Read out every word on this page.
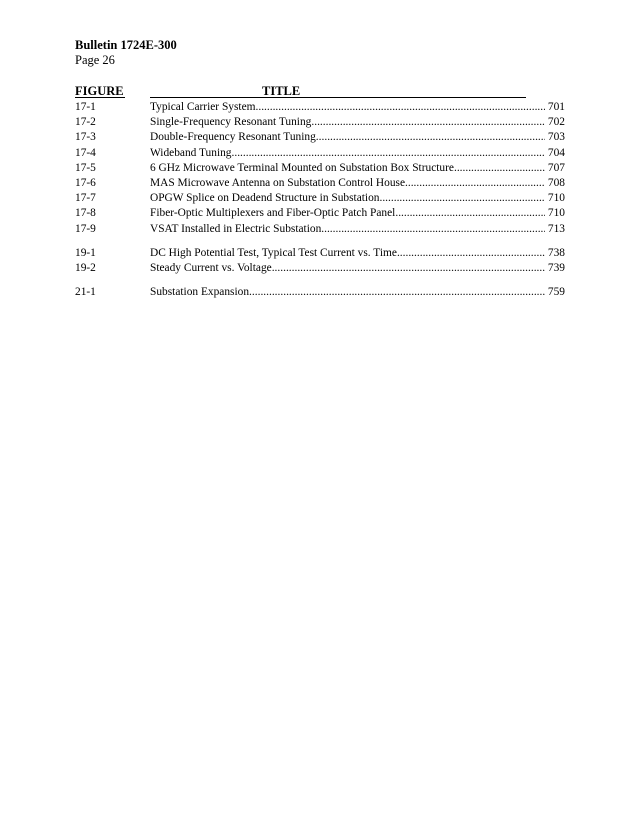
Bulletin 1724E-300
Page 26
FIGURE	TITLE
17-1	Typical Carrier System .....	701
17-2	Single-Frequency Resonant Tuning .....	702
17-3	Double-Frequency Resonant Tuning .....	703
17-4	Wideband Tuning .....	704
17-5	6 GHz Microwave Terminal Mounted on Substation Box Structure .....	707
17-6	MAS Microwave Antenna on Substation Control House .....	708
17-7	OPGW Splice on Deadend Structure in Substation .....	710
17-8	Fiber-Optic Multiplexers and Fiber-Optic Patch Panel .....	710
17-9	VSAT Installed in Electric Substation .....	713
19-1	DC High Potential Test, Typical Test Current vs. Time .....	738
19-2	Steady Current vs. Voltage .....	739
21-1	Substation Expansion .....	759
